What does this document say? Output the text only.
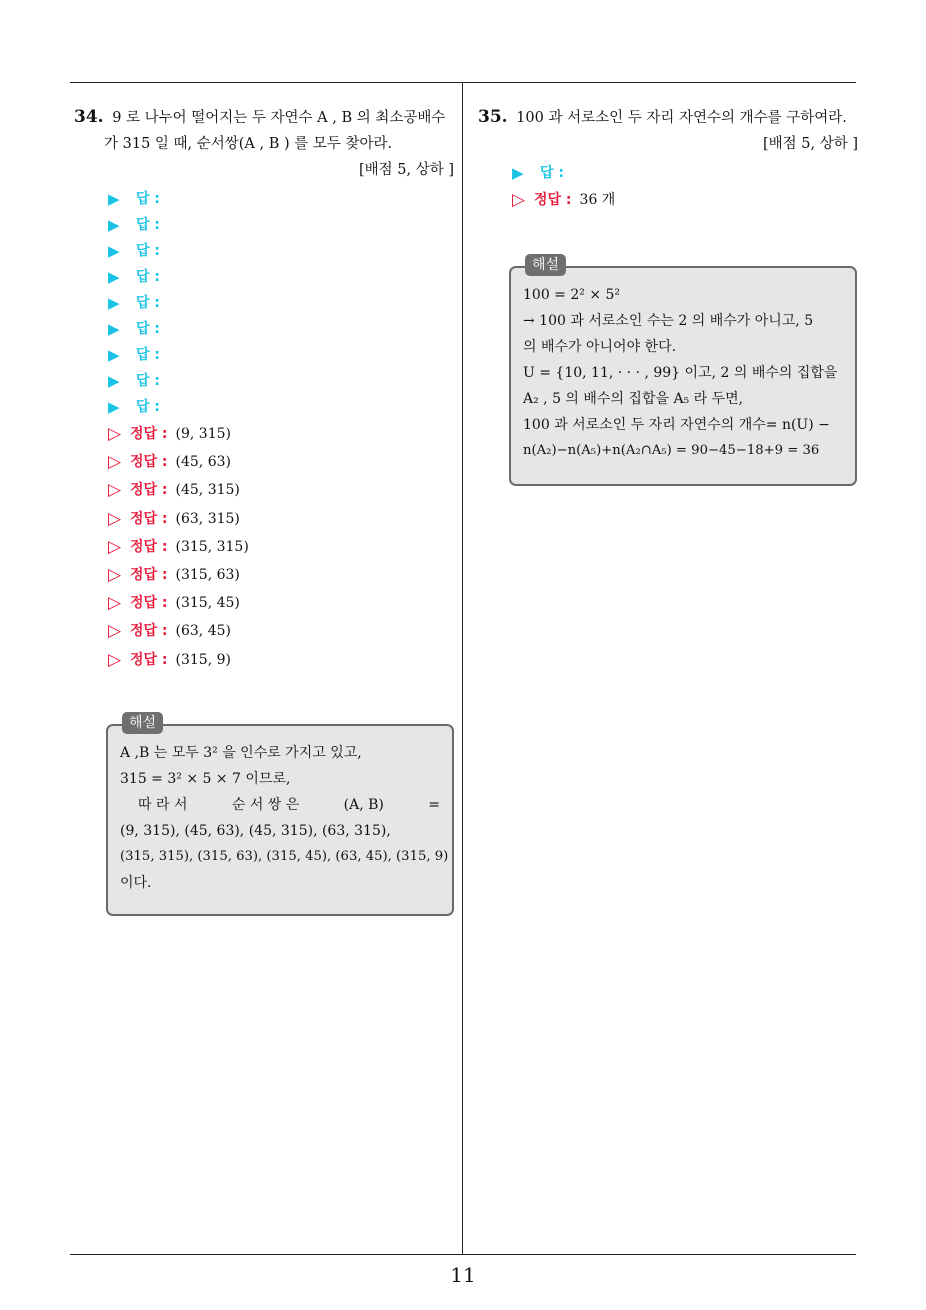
34. 9 로 나누어 떨어지는 두 자연수 A , B 의 최소공배수
가 315 일 때, 순서쌍(A , B ) 를 모두 찾아라.
[배점 5, 상하 ]
▶	답 :
▶	답 :
▶	답 :
▶	답 :
▶	답 :
▶	답 :
▶	답 :
▶	답 :
▶	답 :
▷ 정답 : (9, 315)
▷ 정답 : (45, 63)
▷ 정답 : (45, 315)
▷ 정답 : (63, 315)
▷ 정답 : (315, 315)
▷ 정답 : (315, 63)
▷ 정답 : (315, 45)
▷ 정답 : (63, 45)
▷ 정답 : (315, 9)
해설
A ,B 는 모두 3² 을 인수로 가지고 있고,
315 = 3² × 5 × 7 이므로,
따 라 서	순 서 쌍 은	(A, B)	=
(9, 315), (45, 63), (45, 315), (63, 315),
(315, 315), (315, 63), (315, 45), (63, 45), (315, 9)
이다.
35. 100 과 서로소인 두 자리 자연수의 개수를 구하여라.
[배점 5, 상하 ]
▶	답 :
▷ 정답 : 36 개
해설
100 = 2² × 5²
→ 100 과 서로소인 수는 2 의 배수가 아니고, 5
의 배수가 아니어야 한다.
U = {10, 11, · · · , 99} 이고, 2 의 배수의 집합을
A₂ , 5 의 배수의 집합을 A₅ 라 두면,
100 과 서로소인 두 자리 자연수의 개수= n(U) −
n(A₂)−n(A₅)+n(A₂∩A₅) = 90−45−18+9 = 36
11
